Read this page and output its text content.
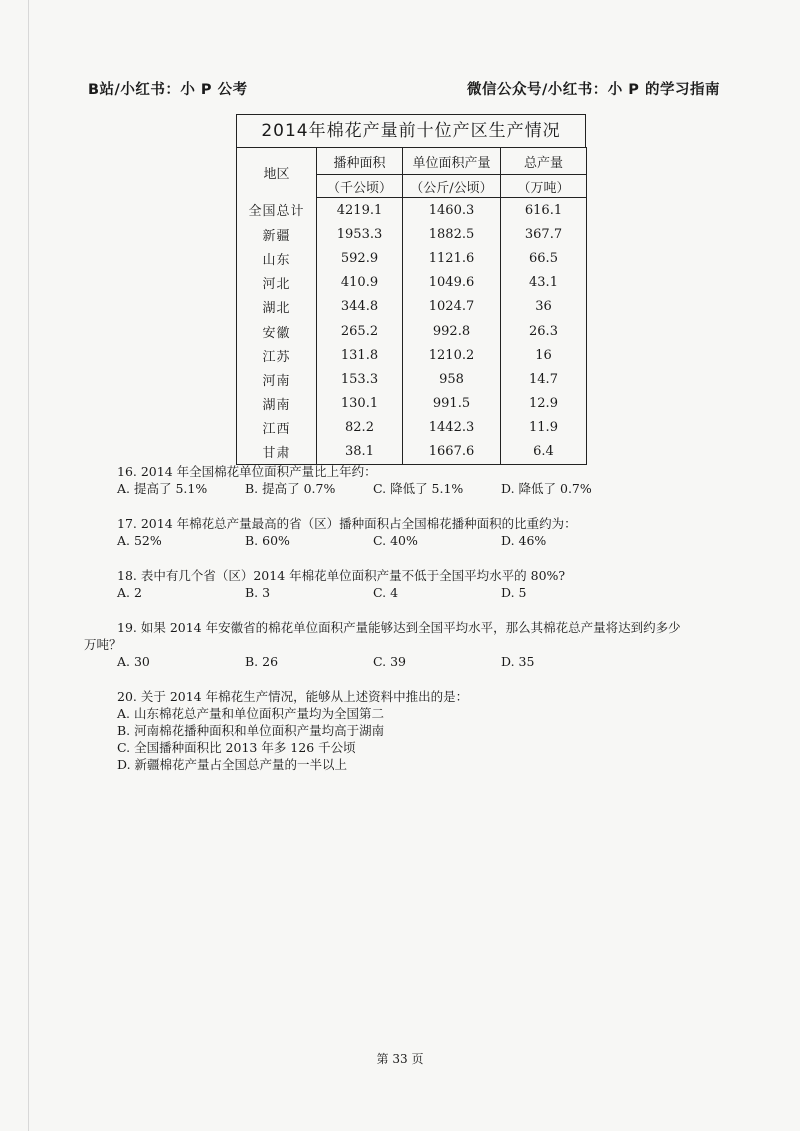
B站/小红书：小 P 公考	微信公众号/小红书：小 P 的学习指南
2014年棉花产量前十位产区生产情况
地区	播种面积	单位面积产量	总产量
	（千公顷）	（公斤/公顷）	（万吨）
全国总计	4219.1	1460.3	616.1
新疆	1953.3	1882.5	367.7
山东	592.9	1121.6	66.5
河北	410.9	1049.6	43.1
湖北	344.8	1024.7	36
安徽	265.2	992.8	26.3
江苏	131.8	1210.2	16
河南	153.3	958	14.7
湖南	130.1	991.5	12.9
江西	82.2	1442.3	11.9
甘肃	38.1	1667.6	6.4
16. 2014 年全国棉花单位面积产量比上年约：
A. 提高了 5.1%	B. 提高了 0.7%	C. 降低了 5.1%	D. 降低了 0.7%
17. 2014 年棉花总产量最高的省（区）播种面积占全国棉花播种面积的比重约为：
A. 52%	B. 60%	C. 40%	D. 46%
18. 表中有几个省（区）2014 年棉花单位面积产量不低于全国平均水平的 80%?
A. 2	B. 3	C. 4	D. 5
19. 如果 2014 年安徽省的棉花单位面积产量能够达到全国平均水平，那么其棉花总产量将达到约多少
万吨？
A. 30	B. 26	C. 39	D. 35
20. 关于 2014 年棉花生产情况，能够从上述资料中推出的是：
A. 山东棉花总产量和单位面积产量均为全国第二
B. 河南棉花播种面积和单位面积产量均高于湖南
C. 全国播种面积比 2013 年多 126 千公顷
D. 新疆棉花产量占全国总产量的一半以上
第 33 页
